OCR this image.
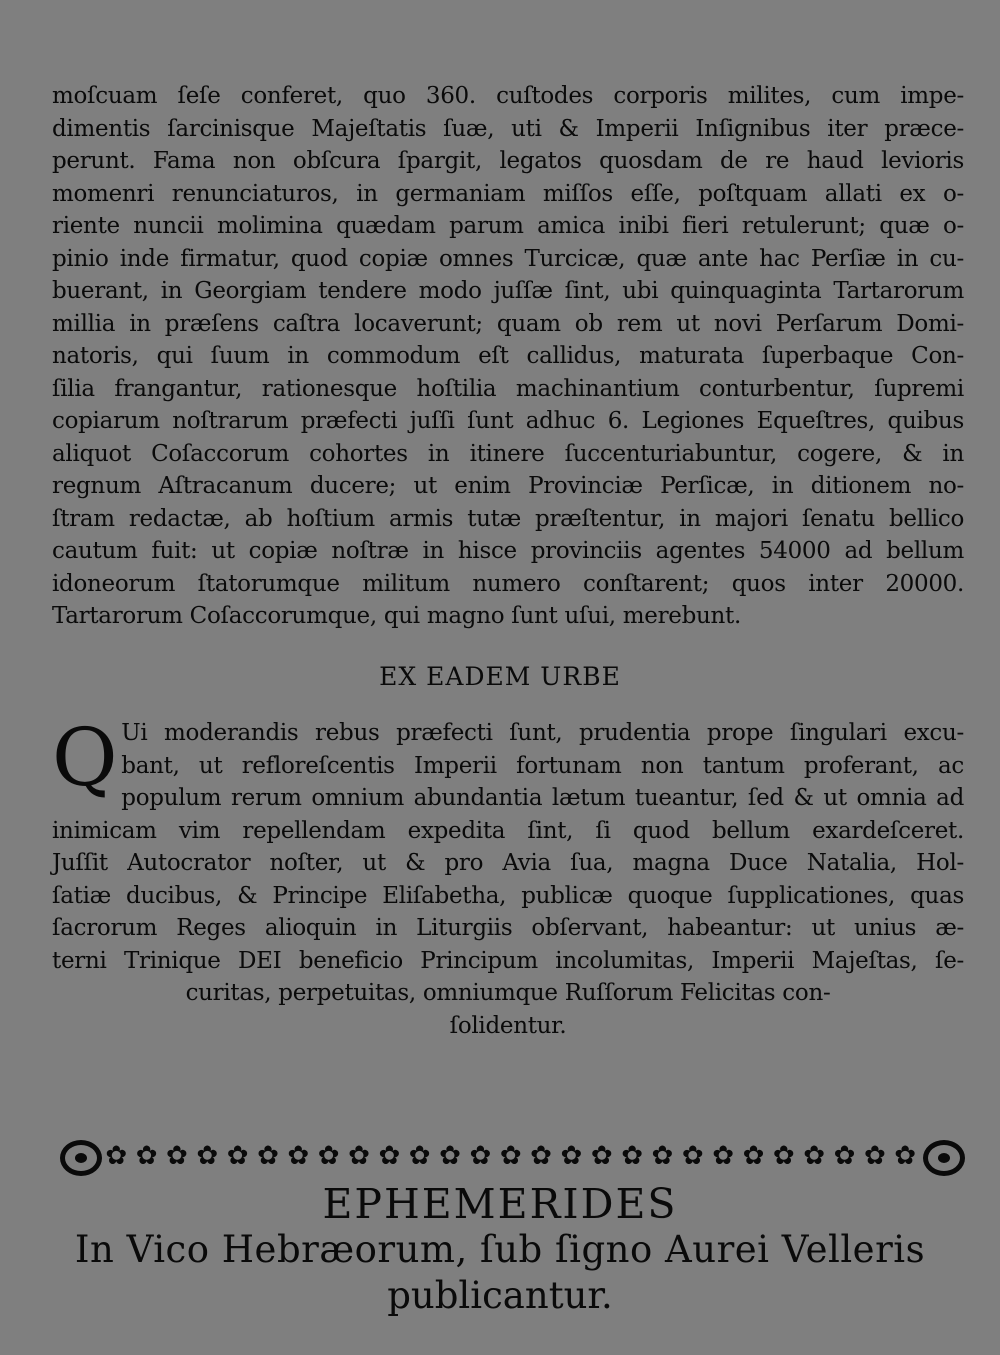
moſcuam ſeſe conferet, quo 360. cuſtodes corporis milites, cum impe-
dimentis ſarcinisque Majeſtatis ſuæ, uti & Imperii Inſignibus iter præce-
perunt. Fama non obſcura ſpargit, legatos quosdam de re haud levioris
momenri renunciaturos, in germaniam miſſos eſſe, poſtquam allati ex o-
riente nuncii molimina quædam parum amica inibi fieri retulerunt; quæ o-
pinio inde firmatur, quod copiæ omnes Turcicæ, quæ ante hac Perſiæ in cu-
buerant, in Georgiam tendere modo juſſæ ſint, ubi quinquaginta Tartarorum
millia in præſens caſtra locaverunt; quam ob rem ut novi Perſarum Domi-
natoris, qui ſuum in commodum eſt callidus, maturata ſuperbaque Con-
ſilia frangantur, rationesque hoſtilia machinantium conturbentur, ſupremi
copiarum noſtrarum præfecti juſſi ſunt adhuc 6. Legiones Equeſtres, quibus
aliquot Coſaccorum cohortes in itinere ſuccenturiabuntur, cogere, & in
regnum Aſtracanum ducere; ut enim Provinciæ Perſicæ, in ditionem no-
ſtram redactæ, ab hoſtium armis tutæ præſtentur, in majori ſenatu bellico
cautum fuit: ut copiæ noſtræ in hisce provinciis agentes 54000 ad bellum
idoneorum ſtatorumque militum numero conſtarent; quos inter 20000.
Tartarorum Coſaccorumque, qui magno ſunt uſui, merebunt.
EX EADEM URBE
Q Ui moderandis rebus præfecti ſunt, prudentia prope ſingulari excu-
bant, ut refloreſcentis Imperii fortunam non tantum proferant, ac
populum rerum omnium abundantia lætum tueantur, ſed & ut omnia ad
inimicam vim repellendam expedita ſint, ſi quod bellum exardeſceret.
Juſſit Autocrator noſter, ut & pro Avia ſua, magna Duce Natalia, Hol-
ſatiæ ducibus, & Principe Eliſabetha, publicæ quoque ſupplicationes, quas
ſacrorum Reges alioquin in Liturgiis obſervant, habeantur: ut unius æ-
terni Trinique DEI beneficio Principum incolumitas, Imperii Majeſtas, ſe-
curitas, perpetuitas, omniumque Ruſſorum Felicitas con-
ſolidentur.
✿
✿
✿
✿
✿
✿
✿
✿
✿
✿
✿
✿
✿
✿
✿
✿
✿
✿
✿
✿
✿
✿
✿
✿
✿
✿
✿
EPHEMERIDES
In Vico Hebræorum, ſub ſigno Aurei Velleris
publicantur.
